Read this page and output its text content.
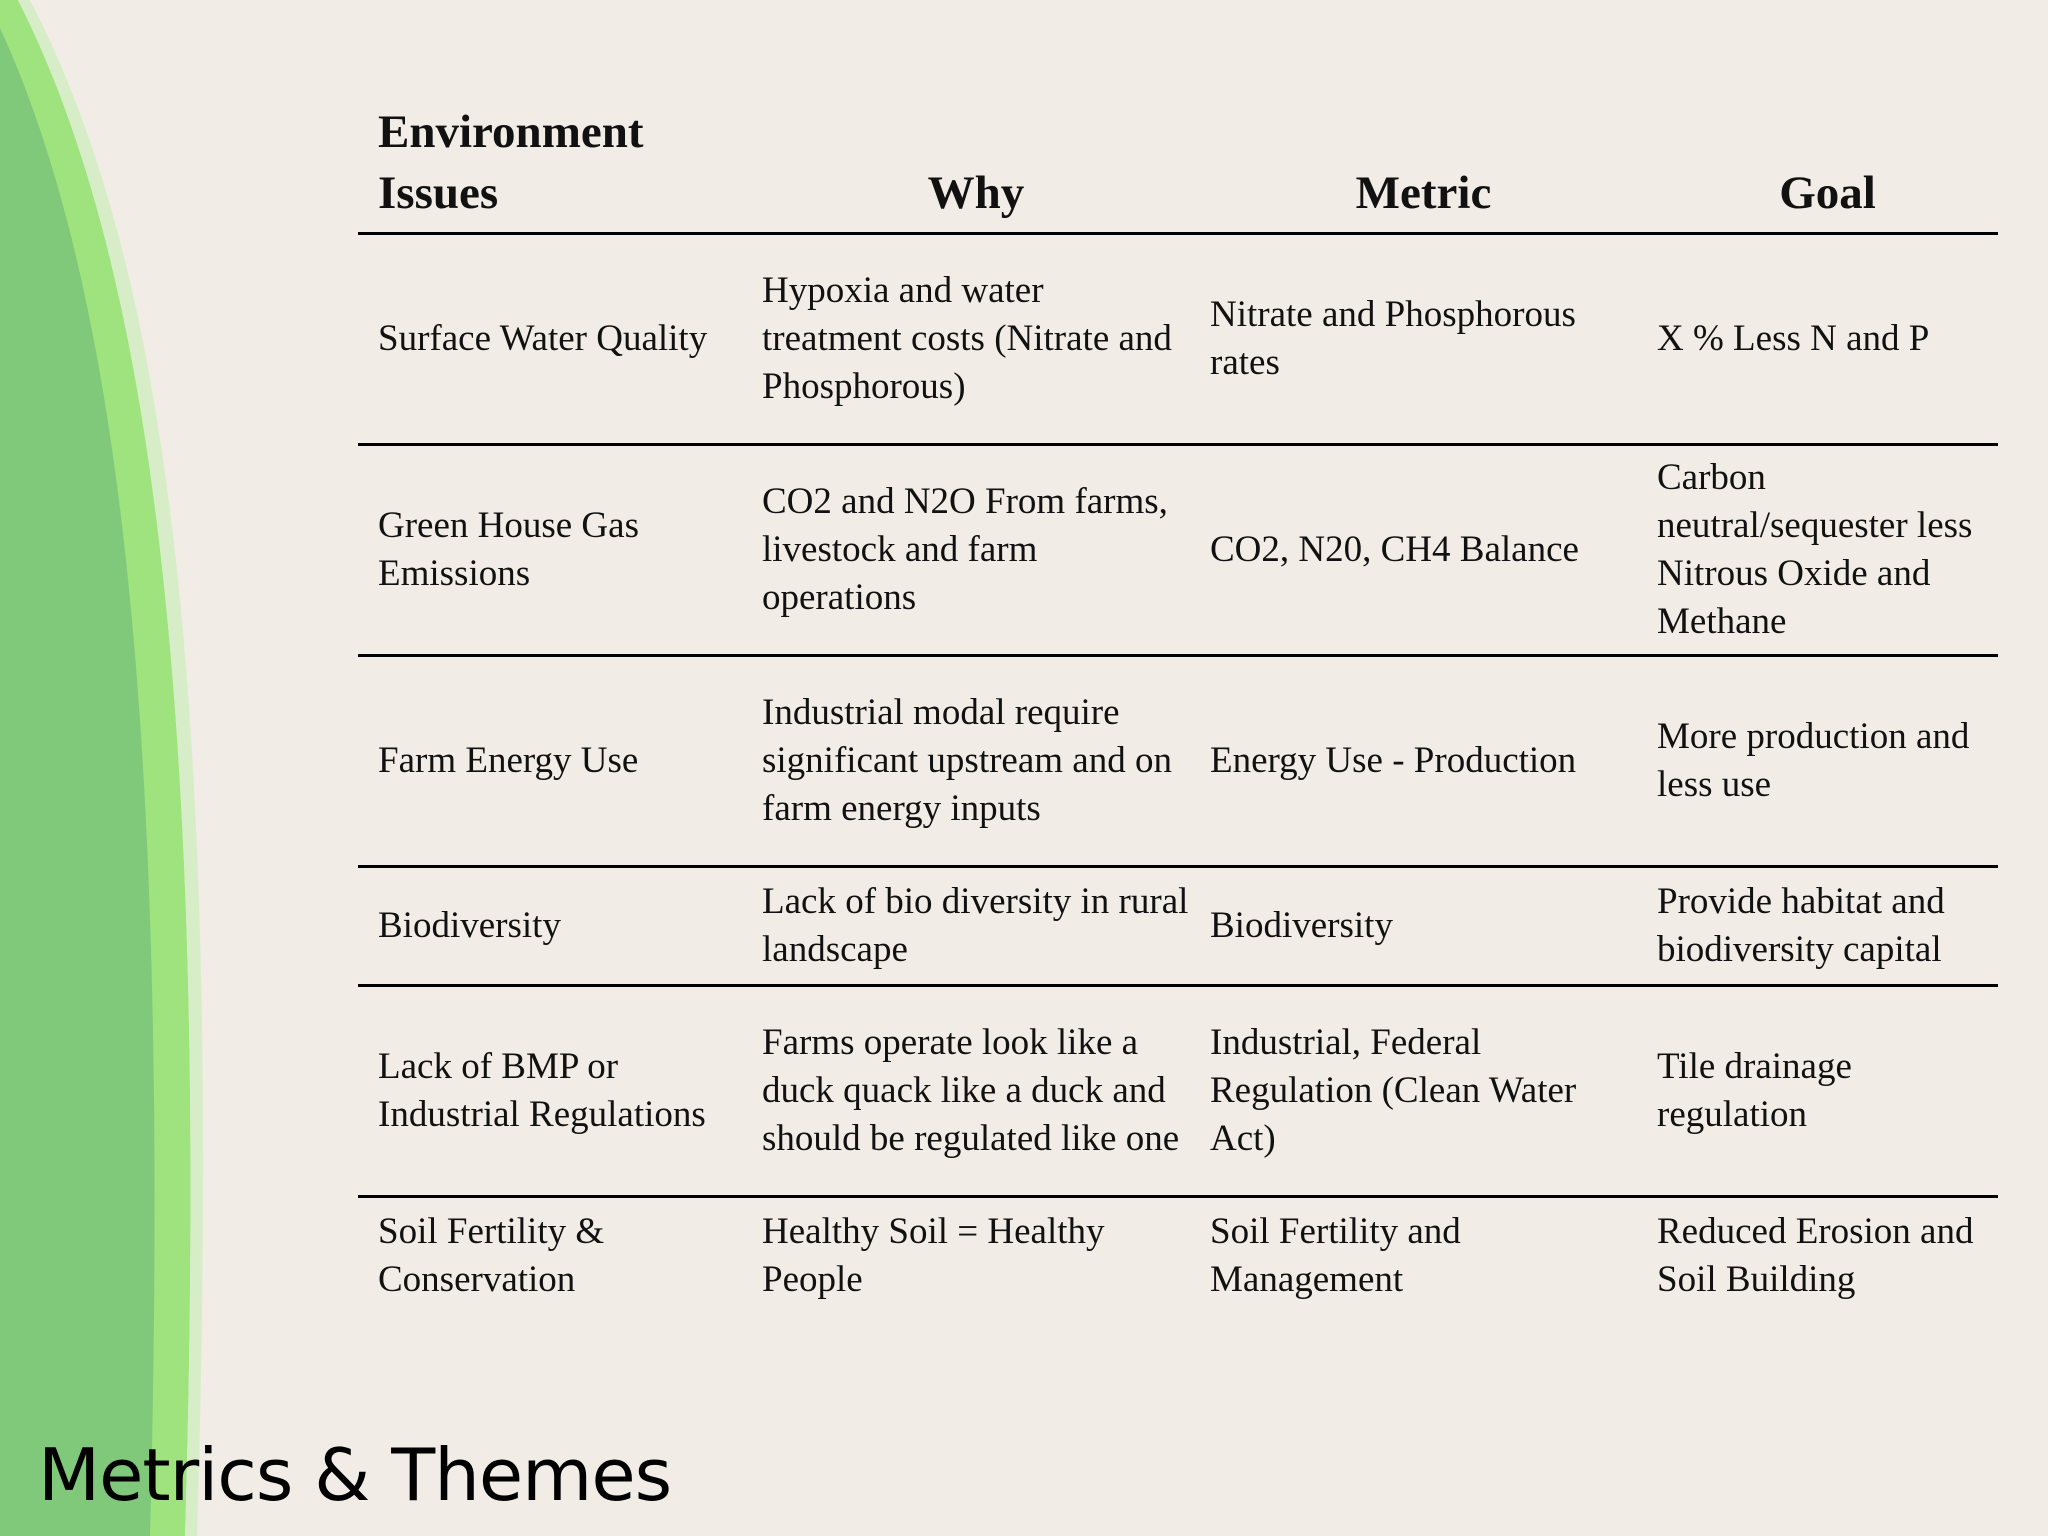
Environment
Issues	Why	Metric	Goal
Surface Water Quality	Hypoxia and water treatment costs (Nitrate and Phosphorous)	Nitrate and Phosphorous rates	X % Less N and P
Green House Gas Emissions	CO2 and N2O From farms, livestock and farm operations	CO2, N20, CH4 Balance	Carbon neutral/sequester less Nitrous Oxide and Methane
Farm Energy Use	Industrial modal require significant upstream and on farm energy inputs	Energy Use - Production	More production and less use
Biodiversity	Lack of bio diversity in rural landscape	Biodiversity	Provide habitat and biodiversity capital
Lack of BMP or Industrial Regulations	Farms operate look like a duck quack like a duck and should be regulated like one	Industrial, Federal Regulation (Clean Water Act)	Tile drainage regulation
Soil Fertility & Conservation	Healthy Soil = Healthy People	Soil Fertility and Management	Reduced Erosion and Soil Building
Metrics & Themes
